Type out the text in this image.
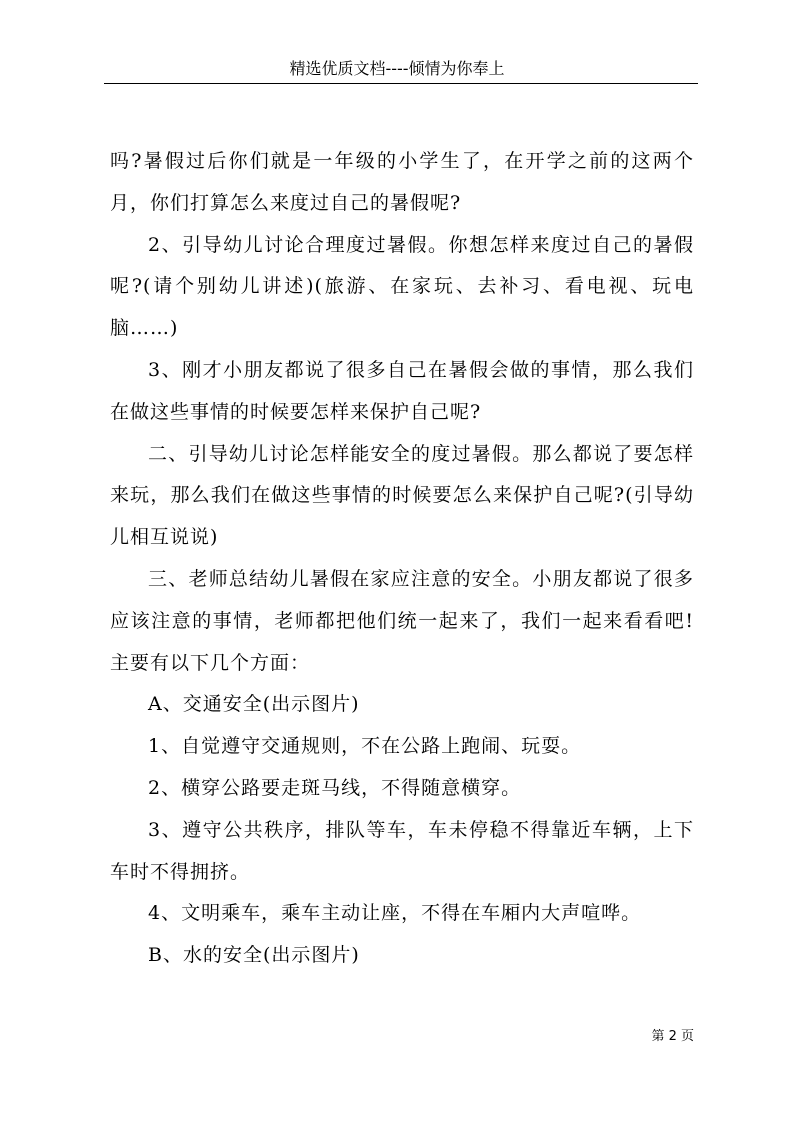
精选优质文档----倾情为你奉上

吗?暑假过后你们就是一年级的小学生了，在开学之前的这两个月，你们打算怎么来度过自己的暑假呢?

2、引导幼儿讨论合理度过暑假。你想怎样来度过自己的暑假呢?(请个别幼儿讲述)(旅游、在家玩、去补习、看电视、玩电脑……)

3、刚才小朋友都说了很多自己在暑假会做的事情，那么我们在做这些事情的时候要怎样来保护自己呢?

二、引导幼儿讨论怎样能安全的度过暑假。那么都说了要怎样来玩，那么我们在做这些事情的时候要怎么来保护自己呢?(引导幼儿相互说说)

三、老师总结幼儿暑假在家应注意的安全。小朋友都说了很多应该注意的事情，老师都把他们统一起来了，我们一起来看看吧!主要有以下几个方面：

A、交通安全(出示图片)

1、自觉遵守交通规则，不在公路上跑闹、玩耍。

2、横穿公路要走斑马线，不得随意横穿。

3、遵守公共秩序，排队等车，车未停稳不得靠近车辆，上下车时不得拥挤。

4、文明乘车，乘车主动让座，不得在车厢内大声喧哗。

B、水的安全(出示图片)

第 2 页
